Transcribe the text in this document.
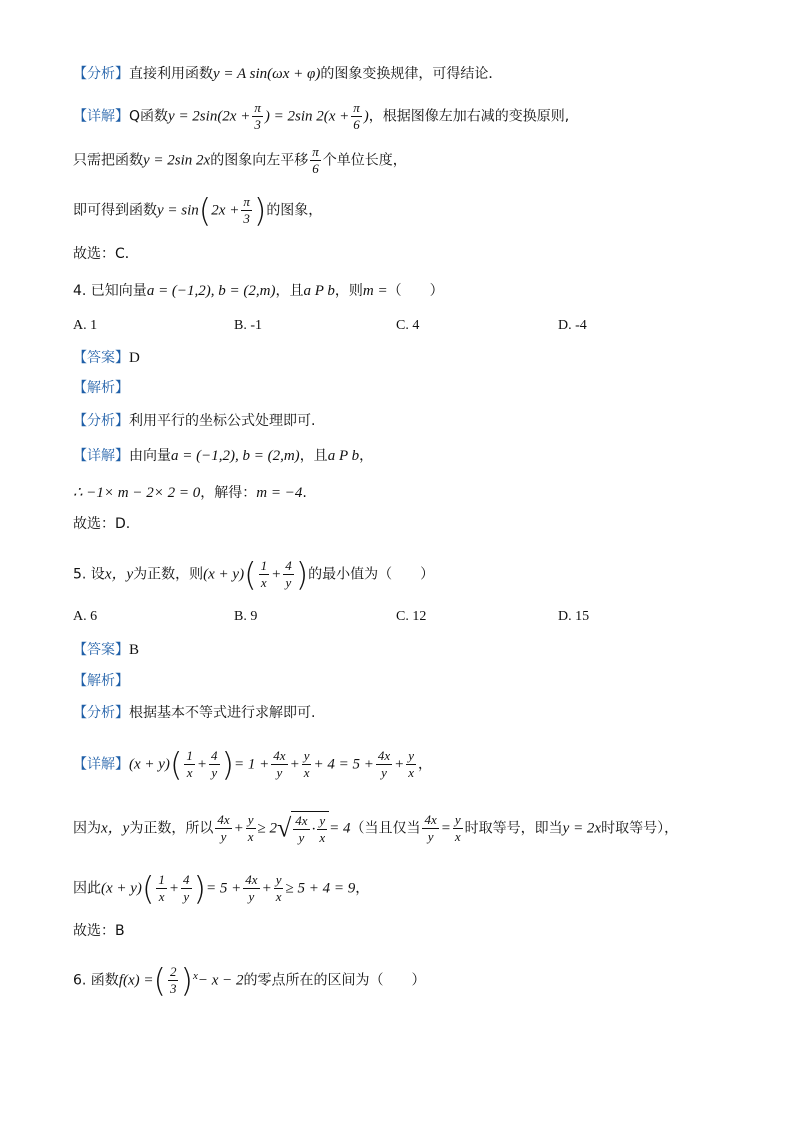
【分析】直接利用函数y = A sin(ωx + φ)的图象变换规律，可得结论．
【详解】Q函数$y = 2\sin(2x + \frac{\pi}{3}$ ) = 2sin $2(x + \frac{\pi}{6}$ )，根据图像左加右减的变换原则,
只需把函数y = 2sin 2x的图象向左平移 $\frac{\pi}{6}$ 个单位长度，
即可得到函数$y = \sin(2x + \frac{\pi}{3}$ )的图象，
故选：C．
4. 已知向量a = (−1,2), b = (2,m)，且a P b，则m =（　　）
A. 1	B. -1	C. 4	D. -4
【答案】D
【解析】
【分析】利用平行的坐标公式处理即可.
【详解】由向量a = (−1,2), b = (2,m)，且a P b，
∴ −1× m − 2× 2 = 0，解得：m = −4.
故选：D.
5. 设x，y为正数，则$(x + y)( \frac{1}{x} + \frac{4}{y}$ )的最小值为（　　）
A. 6	B. 9	C. 12	D. 15
【答案】B
【解析】
【分析】根据基本不等式进行求解即可.
【详解】$(x + y)( \frac{1}{x} + \frac{4}{y}$ )= $1 + \frac{4x}{y} + \frac{y}{x} + 4 = 5 + \frac{4x}{y} + \frac{y}{x}$ ，
因为x，y为正数，所以 $\frac{4x}{y} + \frac{y}{x} \ge 2√ \frac{4x}{y} \cdot \frac{y}{x} = 4$（当且仅当 $\frac{4x}{y} = \frac{y}{x}$ 时取等号，即当y = 2x时取等号），
因此$(x + y)( \frac{1}{x} + \frac{4}{y}$ )= $5 + \frac{4x}{y} + \frac{y}{x} \ge 5 + 4 = 9$，
故选：B
6. 函数f(x) =( $\frac{2}{3} )^x- x - 2$的零点所在的区间为（　　）
